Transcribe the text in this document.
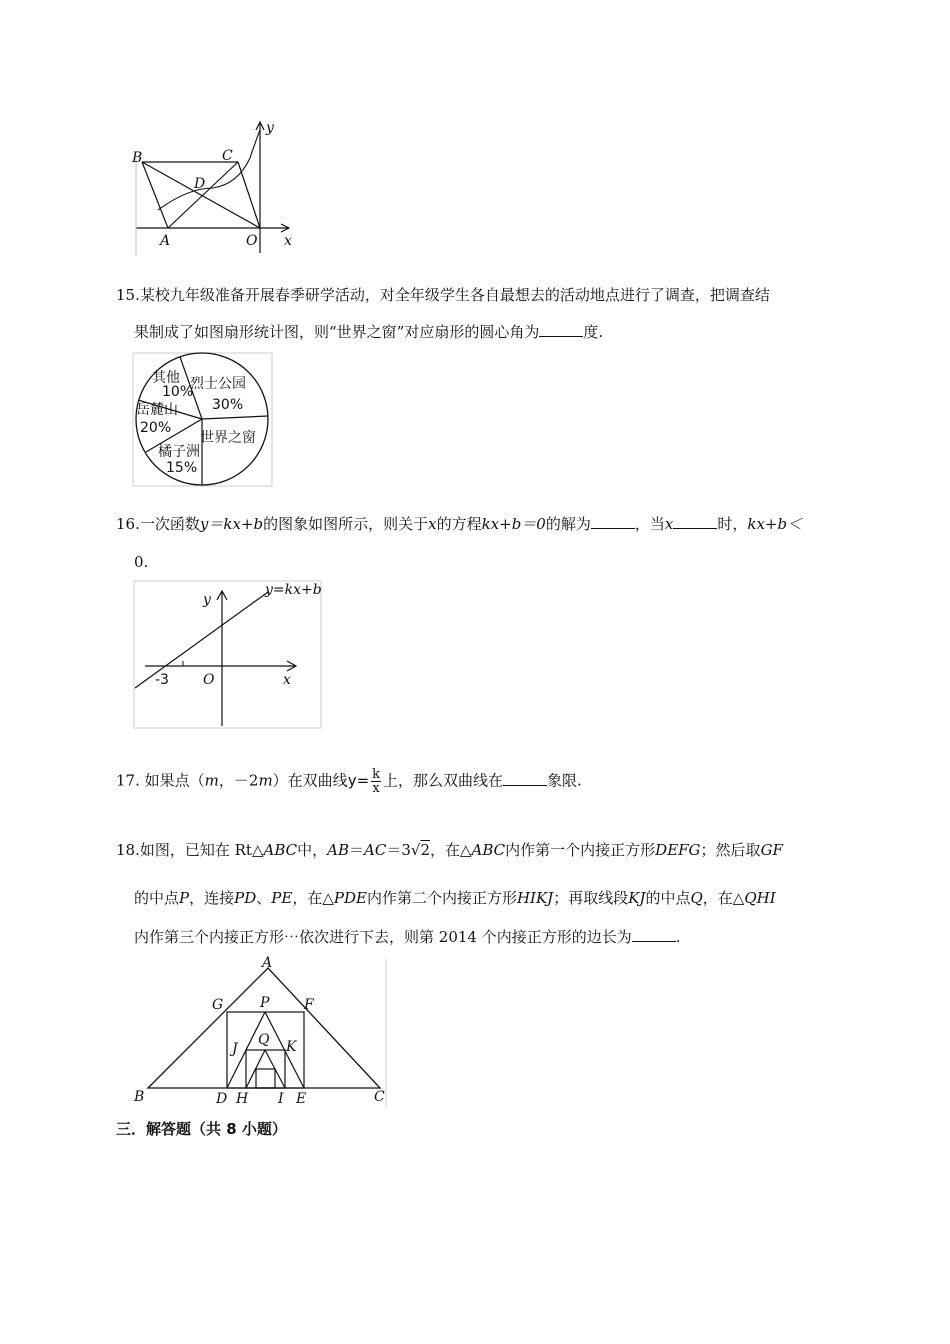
B	C
D
A	O x
y
15.某校九年级准备开展春季研学活动，对全年级学生各自最想去的活动地点进行了调查，把调查结
果制成了如图扇形统计图，则“世界之窗”对应扇形的圆心角为	度.
其他
10%
烈士公园
30%
世界之窗
橘子洲
15%
岳麓山
20%
16.一次函数y＝kx+b的图象如图所示，则关于x的方程kx+b＝0的解为	，当x	时，kx+b＜
0.
y=kx+b
y
x
O
-3
17. 如果点（m，－2m）在双曲线$y= \frac{k}{x}$ 上，那么双曲线在	象限.
18.如图，已知在 Rt△ABC中，AB＝AC＝3√2，在△ABC内作第一个内接正方形DEFG；然后取GF
的中点P，连接PD、PE，在△PDE内作第二个内接正方形HIKJ；再取线段KJ的中点Q，在△QHI
内作第三个内接正方形⋯依次进行下去，则第 2014 个内接正方形的边长为	.
A
B	C
G	P F
Q
J	K
D H I E
三．解答题（共 8 小题）
